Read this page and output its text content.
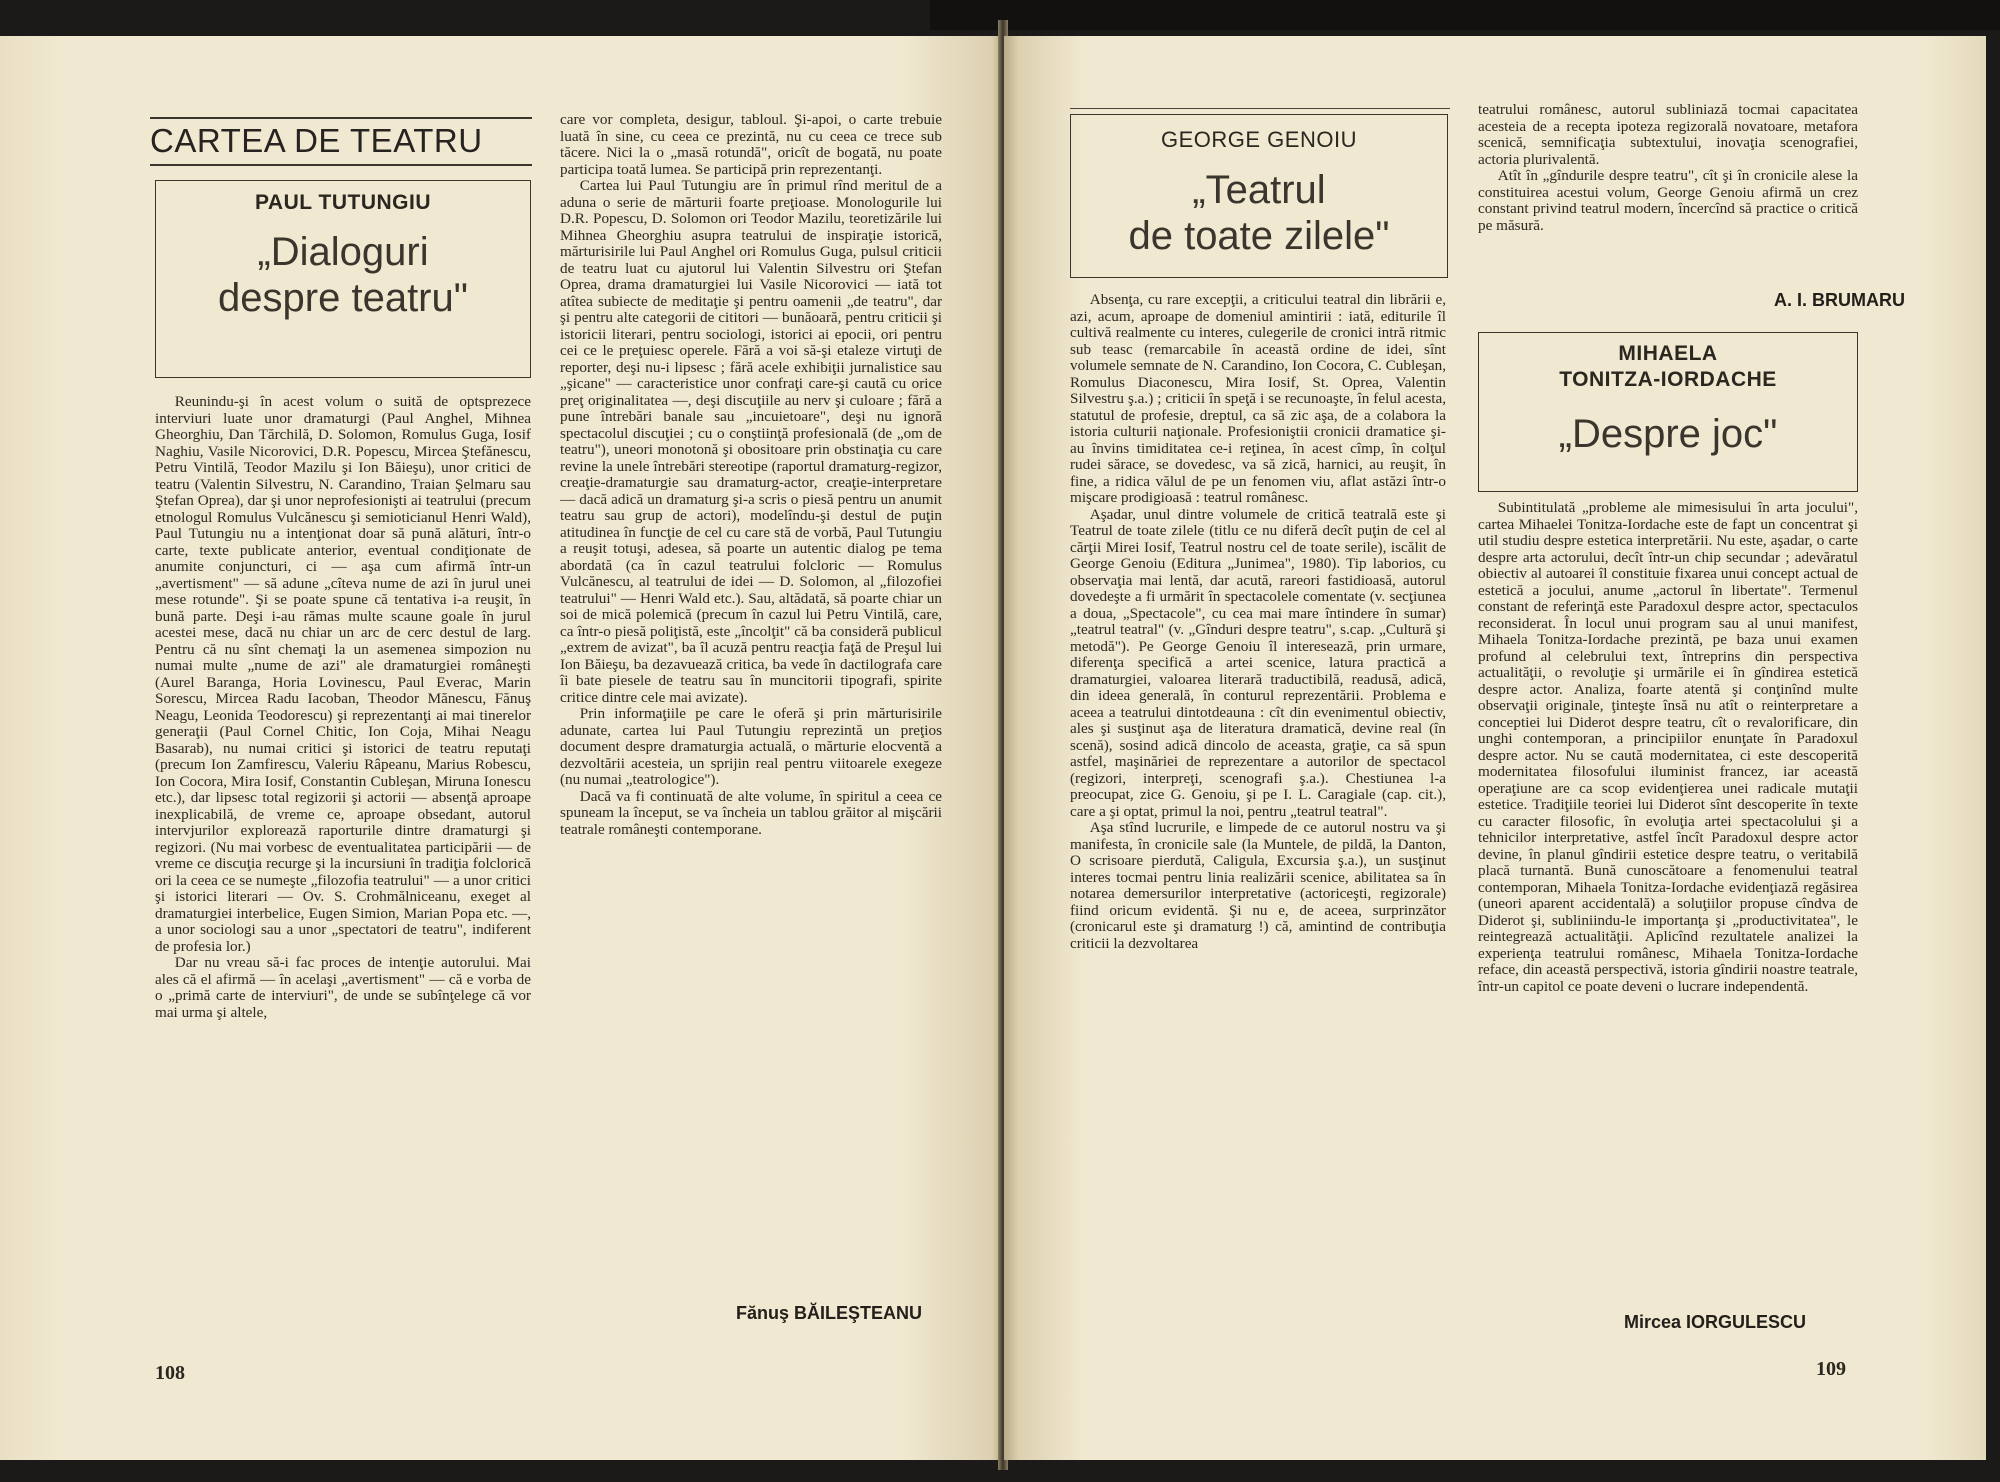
CARTEA DE TEATRU
PAUL TUTUNGIU
„Dialoguri
despre teatru"

Reunindu-şi în acest volum o suită de optsprezece interviuri luate unor dramaturgi (Paul Anghel, Mihnea Gheorghiu, Dan Tărchilă, D. Solomon, Romulus Guga, Iosif Naghiu, Vasile Nicorovici, D.R. Popescu, Mircea Ştefănescu, Petru Vintilă, Teodor Mazilu şi Ion Băieşu), unor critici de teatru (Valentin Silvestru, N. Carandino, Traian Şelmaru sau Ştefan Oprea), dar şi unor neprofesionişti ai teatrului (precum etnologul Romulus Vulcănescu şi semioticianul Henri Wald), Paul Tutungiu nu a intenţionat doar să pună alături, într-o carte, texte publicate anterior, eventual condiţionate de anumite conjuncturi, ci — aşa cum afirmă într-un „avertisment" — să adune „cîteva nume de azi în jurul unei mese rotunde". Şi se poate spune că tentativa i-a reuşit, în bună parte. Deşi i-au rămas multe scaune goale în jurul acestei mese, dacă nu chiar un arc de cerc destul de larg. Pentru că nu sînt chemaţi la un asemenea simpozion nu numai multe „nume de azi" ale dramaturgiei româneşti (Aurel Baranga, Horia Lovinescu, Paul Everac, Marin Sorescu, Mircea Radu Iacoban, Theodor Mănescu, Fănuş Neagu, Leonida Teodorescu) şi reprezentanţi ai mai tinerelor generaţii (Paul Cornel Chitic, Ion Coja, Mihai Neagu Basarab), nu numai critici şi istorici de teatru reputaţi (precum Ion Zamfirescu, Valeriu Râpeanu, Marius Robescu, Ion Cocora, Mira Iosif, Constantin Cubleşan, Miruna Ionescu etc.), dar lipsesc total regizorii şi actorii — absenţă aproape inexplicabilă, de vreme ce, aproape obsedant, autorul intervjurilor explorează raporturile dintre dramaturgi şi regizori. (Nu mai vorbesc de eventualitatea participării — de vreme ce discuţia recurge şi la incursiuni în tradiţia folclorică ori la ceea ce se numeşte „filozofia teatrului" — a unor critici şi istorici literari — Ov. S. Crohmălniceanu, exeget al dramaturgiei interbelice, Eugen Simion, Marian Popa etc. —, a unor sociologi sau a unor „spectatori de teatru", indiferent de profesia lor.)

Dar nu vreau să-i fac proces de intenţie autorului. Mai ales că el afirmă — în acelaşi „avertisment" — că e vorba de o „primă carte de interviuri", de unde se subînţelege că vor mai urma şi altele,

care vor completa, desigur, tabloul. Şi-apoi, o carte trebuie luată în sine, cu ceea ce prezintă, nu cu ceea ce trece sub tăcere. Nici la o „masă rotundă", oricît de bogată, nu poate participa toată lumea. Se participă prin reprezentanţi.

Cartea lui Paul Tutungiu are în primul rînd meritul de a aduna o serie de mărturii foarte preţioase. Monologurile lui D.R. Popescu, D. Solomon ori Teodor Mazilu, teoretizările lui Mihnea Gheorghiu asupra teatrului de inspiraţie istorică, mărturisirile lui Paul Anghel ori Romulus Guga, pulsul criticii de teatru luat cu ajutorul lui Valentin Silvestru ori Ştefan Oprea, drama dramaturgiei lui Vasile Nicorovici — iată tot atîtea subiecte de meditaţie şi pentru oamenii „de teatru", dar şi pentru alte categorii de cititori — bunăoară, pentru criticii şi istoricii literari, pentru sociologi, istorici ai epocii, ori pentru cei ce le preţuiesc operele. Fără a voi să-şi etaleze virtuţi de reporter, deşi nu-i lipsesc ; fără acele exhibiţii jurnalistice sau „şicane" — caracteristice unor confraţi care-şi caută cu orice preţ originalitatea —, deşi discuţiile au nerv şi culoare ; fără a pune întrebări banale sau „incuietoare", deşi nu ignoră spectacolul discuţiei ; cu o conştiinţă profesională (de „om de teatru"), uneori monotonă şi obositoare prin obstinaţia cu care revine la unele întrebări stereotipe (raportul dramaturg-regizor, creaţie-dramaturgie sau dramaturg-actor, creaţie-interpretare — dacă adică un dramaturg şi-a scris o piesă pentru un anumit teatru sau grup de actori), modelîndu-şi destul de puţin atitudinea în funcţie de cel cu care stă de vorbă, Paul Tutungiu a reuşit totuşi, adesea, să poarte un autentic dialog pe tema abordată (ca în cazul teatrului folcloric — Romulus Vulcănescu, al teatrului de idei — D. Solomon, al „filozofiei teatrului" — Henri Wald etc.). Sau, altădată, să poarte chiar un soi de mică polemică (precum în cazul lui Petru Vintilă, care, ca într-o piesă poliţistă, este „încolţit" că ba consideră publicul „extrem de avizat", ba îl acuză pentru reacţia faţă de Preşul lui Ion Băieşu, ba dezavuează critica, ba vede în dactilografa care îi bate piesele de teatru sau în muncitorii tipografi, spirite critice dintre cele mai avizate).

Prin informaţiile pe care le oferă şi prin mărturisirile adunate, cartea lui Paul Tutungiu reprezintă un preţios document despre dramaturgia actuală, o mărturie elocventă a dezvoltării acesteia, un sprijin real pentru viitoarele exegeze (nu numai „teatrologice").

Dacă va fi continuată de alte volume, în spiritul a ceea ce spuneam la început, se va încheia un tablou grăitor al mişcării teatrale româneşti contemporane.

Fănuş BĂILEŞTEANU
108
GEORGE GENOIU
„Teatrul
de toate zilele"

Absenţa, cu rare excepţii, a criticului teatral din librării e, azi, acum, aproape de domeniul amintirii : iată, editurile îl cultivă realmente cu interes, culegerile de cronici intră ritmic sub teasc (remarcabile în această ordine de idei, sînt volumele semnate de N. Carandino, Ion Cocora, C. Cubleşan, Romulus Diaconescu, Mira Iosif, St. Oprea, Valentin Silvestru ş.a.) ; criticii în speţă i se recunoaşte, în felul acesta, statutul de profesie, dreptul, ca să zic aşa, de a colabora la istoria culturii naţionale. Profesioniştii cronicii dramatice şi-au învins timiditatea ce-i reţinea, în acest cîmp, în colţul rudei sărace, se dovedesc, va să zică, harnici, au reuşit, în fine, a ridica vălul de pe un fenomen viu, aflat astăzi într-o mişcare prodigioasă : teatrul românesc.

Aşadar, unul dintre volumele de critică teatrală este şi Teatrul de toate zilele (titlu ce nu diferă decît puţin de cel al cărţii Mirei Iosif, Teatrul nostru cel de toate serile), iscălit de George Genoiu (Editura „Junimea", 1980). Tip laborios, cu observaţia mai lentă, dar acută, rareori fastidioasă, autorul dovedeşte a fi urmărit în spectacolele comentate (v. secţiunea a doua, „Spectacole", cu cea mai mare întindere în sumar) „teatrul teatral" (v. „Gînduri despre teatru", s.cap. „Cultură şi metodă"). Pe George Genoiu îl interesează, prin urmare, diferenţa specifică a artei scenice, latura practică a dramaturgiei, valoarea literară traductibilă, readusă, adică, din ideea generală, în conturul reprezentării. Problema e aceea a teatrului dintotdeauna : cît din evenimentul obiectiv, ales şi susţinut aşa de literatura dramatică, devine real (în scenă), sosind adică dincolo de aceasta, graţie, ca să spun astfel, maşinăriei de reprezentare a autorilor de spectacol (regizori, interpreţi, scenografi ş.a.). Chestiunea l-a preocupat, zice G. Genoiu, şi pe I. L. Caragiale (cap. cit.), care a şi optat, primul la noi, pentru „teatrul teatral".

Aşa stînd lucrurile, e limpede de ce autorul nostru va şi manifesta, în cronicile sale (la Muntele, de pildă, la Danton, O scrisoare pierdută, Caligula, Excursia ş.a.), un susţinut interes tocmai pentru linia realizării scenice, abilitatea sa în notarea demersurilor interpretative (actoriceşti, regizorale) fiind oricum evidentă. Şi nu e, de aceea, surprinzător (cronicarul este şi dramaturg !) că, amintind de contribuţia criticii la dezvoltarea

teatrului românesc, autorul subliniază tocmai capacitatea acesteia de a recepta ipoteza regizorală novatoare, metafora scenică, semnificaţia subtextului, inovaţia scenografiei, actoria plurivalentă.

Atît în „gîndurile despre teatru", cît şi în cronicile alese la constituirea acestui volum, George Genoiu afirmă un crez constant privind teatrul modern, încercînd să practice o critică pe măsură.

A. I. BRUMARU
MIHAELA
TONITZA-IORDACHE
„Despre joc"

Subintitulată „probleme ale mimesisului în arta jocului", cartea Mihaelei Tonitza-Iordache este de fapt un concentrat şi util studiu despre estetica interpretării. Nu este, aşadar, o carte despre arta actorului, decît într-un chip secundar ; adevăratul obiectiv al autoarei îl constituie fixarea unui concept actual de estetică a jocului, anume „actorul în libertate". Termenul constant de referinţă este Paradoxul despre actor, spectaculos reconsiderat. În locul unui program sau al unui manifest, Mihaela Tonitza-Iordache prezintă, pe baza unui examen profund al celebrului text, întreprins din perspectiva actualităţii, o revoluţie şi urmările ei în gîndirea estetică despre actor. Analiza, foarte atentă şi conţinînd multe observaţii originale, ţinteşte însă nu atît o reinterpretare a conceptiei lui Diderot despre teatru, cît o revalorificare, din unghi contemporan, a principiilor enunţate în Paradoxul despre actor. Nu se caută modernitatea, ci este descoperită modernitatea filosofului iluminist francez, iar această operaţiune are ca scop evidenţierea unei radicale mutaţii estetice. Tradiţiile teoriei lui Diderot sînt descoperite în texte cu caracter filosofic, în evoluţia artei spectacolului şi a tehnicilor interpretative, astfel încît Paradoxul despre actor devine, în planul gîndirii estetice despre teatru, o veritabilă placă turnantă. Bună cunoscătoare a fenomenului teatral contemporan, Mihaela Tonitza-Iordache evidenţiază regăsirea (uneori aparent accidentală) a soluţiilor propuse cîndva de Diderot şi, subliniindu-le importanţa şi „productivitatea", le reintegrează actualităţii. Aplicînd rezultatele analizei la experienţa teatrului românesc, Mihaela Tonitza-Iordache reface, din această perspectivă, istoria gîndirii noastre teatrale, într-un capitol ce poate deveni o lucrare independentă.

Mircea IORGULESCU
109
